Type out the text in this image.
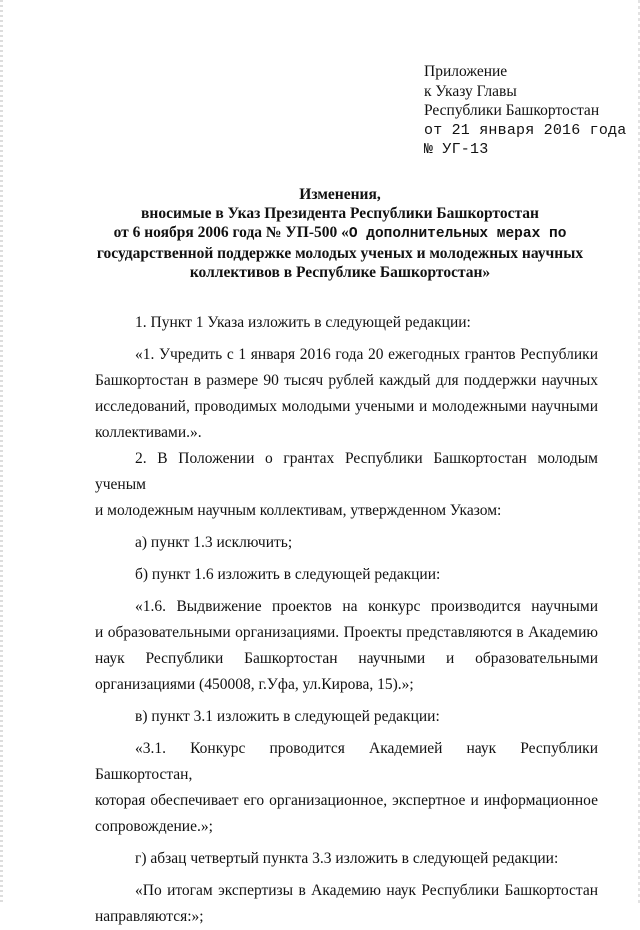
Приложение
к Указу Главы
Республики Башкортостан
от 21 января 2016 года
№ УГ-13
Изменения,
вносимые в Указ Президента Республики Башкортостан
от 6 ноября 2006 года № УП-500 «О дополнительных мерах по
государственной поддержке молодых ученых и молодежных научных
коллективов в Республике Башкортостан»

1. Пункт 1 Указа изложить в следующей редакции:

«1. Учредить с 1 января 2016 года 20 ежегодных грантов Республики

Башкортостан в размере 90 тысяч рублей каждый для поддержки научных

исследований, проводимых молодыми учеными и молодежными научными

коллективами.».

2. В Положении о грантах Республики Башкортостан молодым ученым

и молодежным научным коллективам, утвержденном Указом:

а) пункт 1.3 исключить;

б) пункт 1.6 изложить в следующей редакции:

«1.6. Выдвижение проектов на конкурс производится научными

и образовательными организациями. Проекты представляются в Академию

наук Республики Башкортостан научными и образовательными

организациями (450008, г.Уфа, ул.Кирова, 15).»;

в) пункт 3.1 изложить в следующей редакции:

«3.1. Конкурс проводится Академией наук Республики Башкортостан,

которая обеспечивает его организационное, экспертное и информационное

сопровождение.»;

г) абзац четвертый пункта 3.3 изложить в следующей редакции:

«По итогам экспертизы в Академию наук Республики Башкортостан

направляются:»;
